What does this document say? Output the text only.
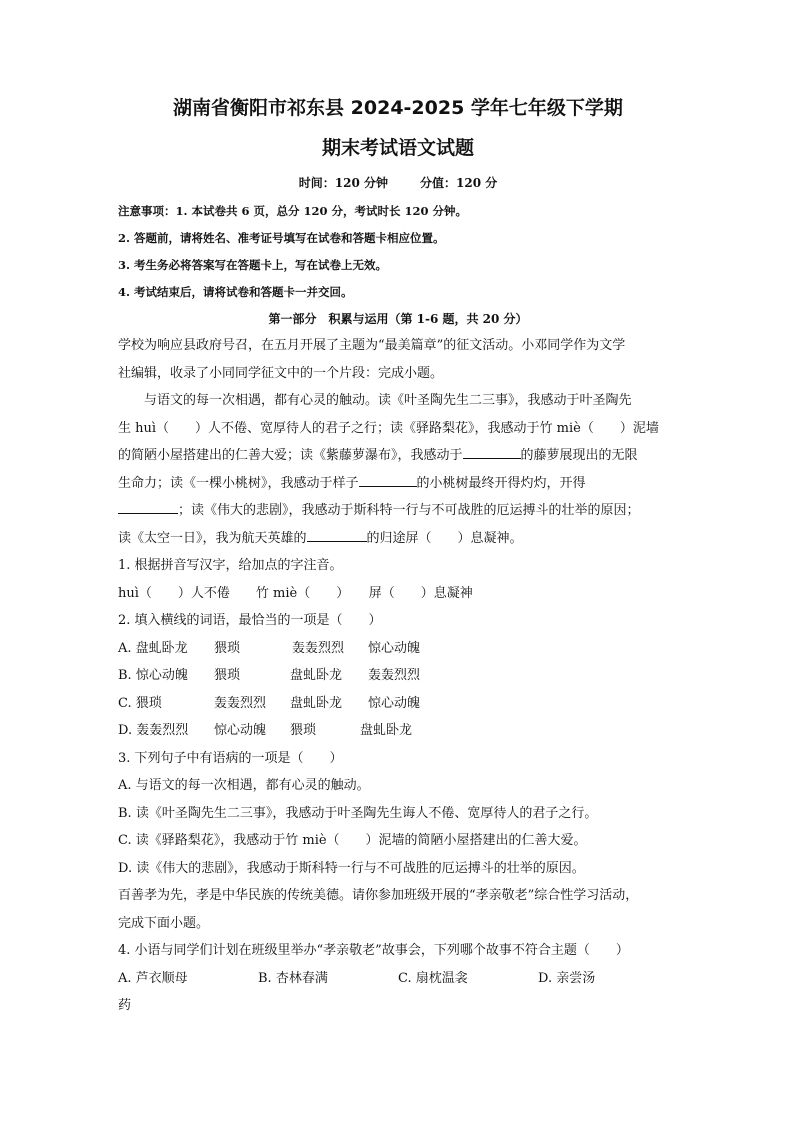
湖南省衡阳市祁东县 2024-2025 学年七年级下学期
期末考试语文试题
时间：120 分钟	分值：120 分
注意事项：1. 本试卷共 6 页，总分 120 分，考试时长 120 分钟。
2. 答题前，请将姓名、准考证号填写在试卷和答题卡相应位置。
3. 考生务必将答案写在答题卡上，写在试卷上无效。
4. 考试结束后，请将试卷和答题卡一并交回。
第一部分　积累与运用（第 1-6 题，共 20 分）
学校为响应县政府号召，在五月开展了主题为“最美篇章”的征文活动。小邓同学作为文学
社编辑，收录了小同同学征文中的一个片段：完成小题。
　　与语文的每一次相遇，都有心灵的触动。读《叶圣陶先生二三事》，我感动于叶圣陶先
生 huì（　　）人不倦、宽厚待人的君子之行；读《驿路梨花》，我感动于竹 miè（　　）泥墙
的简陋小屋搭建出的仁善大爱；读《紫藤萝瀑布》，我感动于	的藤萝展现出的无限
生命力；读《一棵小桃树》，我感动于样子	的小桃树最终开得灼灼，开得
；读《伟大的悲剧》，我感动于斯科特一行与不可战胜的厄运搏斗的壮举的原因；
读《太空一日》，我为航天英雄的	的归途屏（　　）息凝神。
1. 根据拼音写汉字，给加点的字注音。
huì（　　）人不倦　　竹 miè（　　）　　屏（　　）息凝神
2. 填入横线的词语，最恰当的一项是（　　）
A. 盘虬卧龙 猥琐	轰轰烈烈 惊心动魄
B. 惊心动魄 猥琐	盘虬卧龙 轰轰烈烈
C. 猥琐	轰轰烈烈 盘虬卧龙 惊心动魄
D. 轰轰烈烈 惊心动魄 猥琐	盘虬卧龙
3. 下列句子中有语病的一项是（　　）
A. 与语文的每一次相遇，都有心灵的触动。
B. 读《叶圣陶先生二三事》，我感动于叶圣陶先生诲人不倦、宽厚待人的君子之行。
C. 读《驿路梨花》，我感动于竹 miè（　　）泥墙的简陋小屋搭建出的仁善大爱。
D. 读《伟大的悲剧》，我感动于斯科特一行与不可战胜的厄运搏斗的壮举的原因。
百善孝为先，孝是中华民族的传统美德。请你参加班级开展的“孝亲敬老”综合性学习活动，
完成下面小题。
4. 小语与同学们计划在班级里举办“孝亲敬老”故事会，下列哪个故事不符合主题（　　）
A. 芦衣顺母	B. 杏林春满	C. 扇枕温衾	D. 亲尝汤
药
